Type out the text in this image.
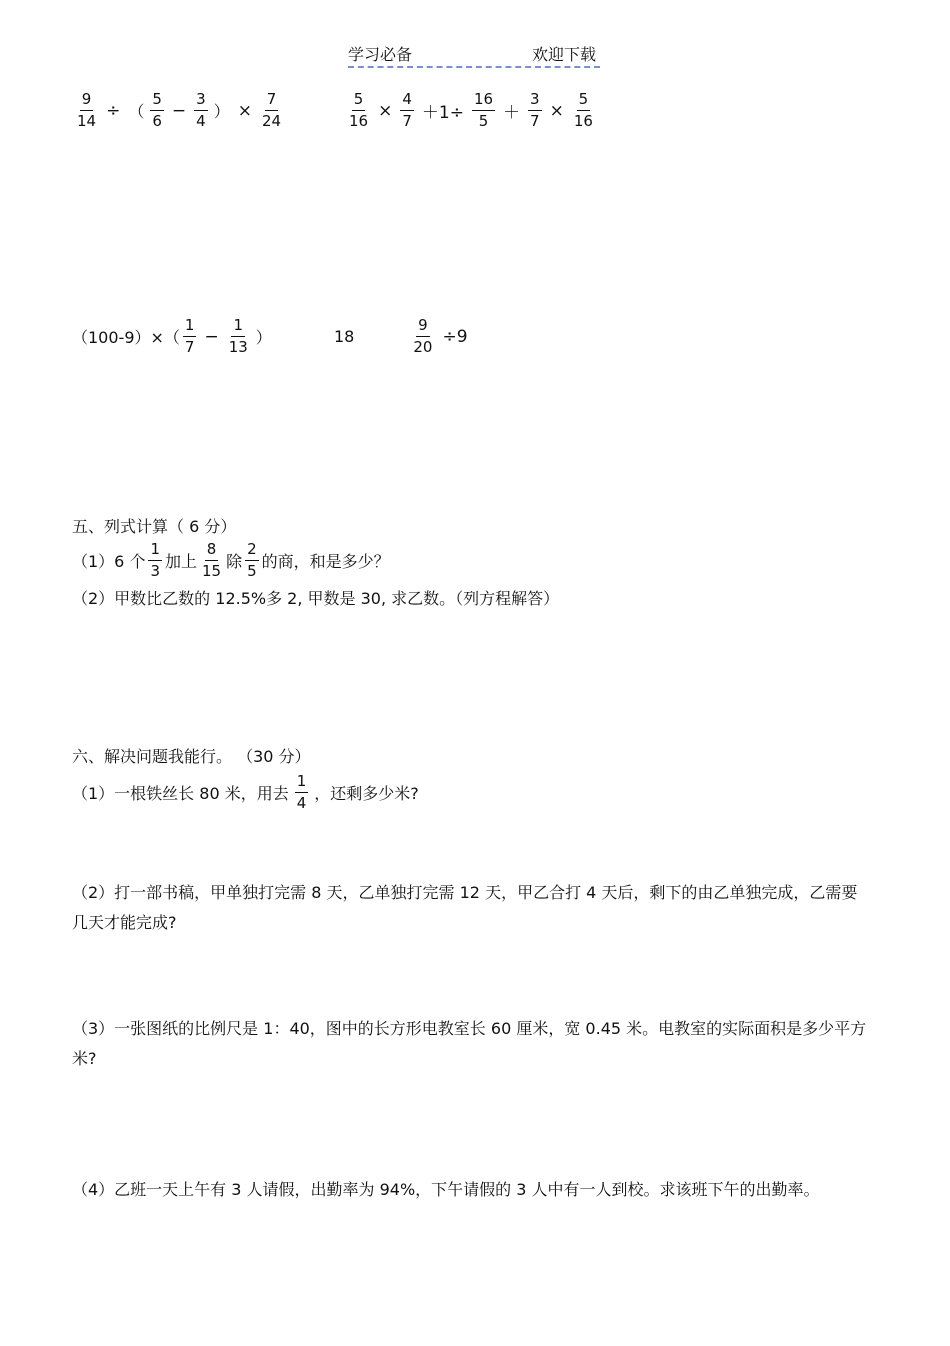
学习必备	欢迎下载
$\frac{9}{14}$ ÷ （ $\frac{5}{6} - \frac{3}{4}$ ） × $\frac{7}{24}$	$\frac{5}{16} \times \frac{4}{7} +1\div \frac{16}{5} + \frac{3}{7} \times \frac{5}{16}$
$(100-9)\times( \frac{1}{7} - \frac{1}{13}$ ）	18	$\frac{9}{20} \div 9$
五、列式计算（ 6 分）
（1）6 个 $\frac{1}{3}$ 加上 $\frac{8}{15}$ 除 $\frac{2}{5}$ 的商，和是多少？
（2）甲数比乙数的 12.5%多 2, 甲数是 30, 求乙数。（列方程解答）
六、解决问题我能行。 （30 分）
（1）一根铁丝长 80 米，用去 $\frac{1}{4}$ ，还剩多少米?
（2）打一部书稿，甲单独打完需 8 天，乙单独打完需 12 天，甲乙合打 4 天后，剩下的由乙单独完成，乙需要几天才能完成?
（3）一张图纸的比例尺是 1：40，图中的长方形电教室长 60 厘米，宽 0.45 米。电教室的实际面积是多少平方米?
（4）乙班一天上午有 3 人请假，出勤率为 94%，下午请假的 3 人中有一人到校。求该班下午的出勤率。
